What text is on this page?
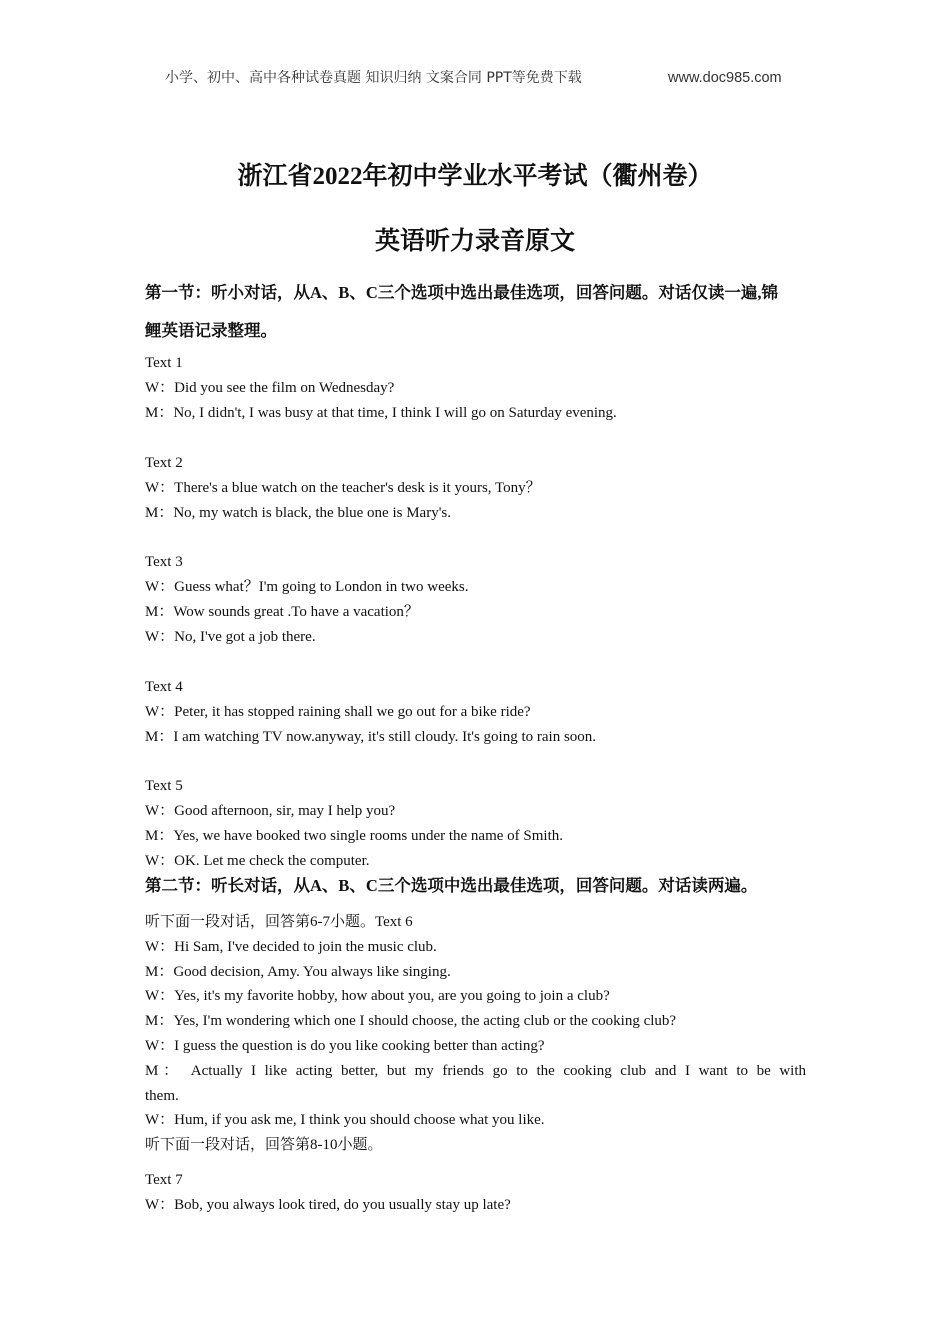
小学、初中、高中各种试卷真题 知识归纳 文案合同 PPT等免费下载	www.doc985.com
浙江省2022年初中学业水平考试（衢州卷）
英语听力录音原文
第一节：听小对话，从A、B、C三个选项中选出最佳选项，回答问题。对话仅读一遍,锦
鲤英语记录整理。
Text 1
W：Did you see the film on Wednesday?
M：No, I didn't, I was busy at that time, I think I will go on Saturday evening.
Text 2
W：There's a blue watch on the teacher's desk is it yours, Tony？
M：No, my watch is black, the blue one is Mary's.
Text 3
W：Guess what？I'm going to London in two weeks.
M：Wow sounds great .To have a vacation？
W：No, I've got a job there.
Text 4
W：Peter, it has stopped raining shall we go out for a bike ride?
M：I am watching TV now.anyway, it's still cloudy. It's going to rain soon.
Text 5
W：Good afternoon, sir, may I help you?
M：Yes, we have booked two single rooms under the name of Smith.
W：OK. Let me check the computer.
第二节：听长对话，从A、B、C三个选项中选出最佳选项，回答问题。对话读两遍。
听下面一段对话，回答第6-7小题。Text 6
W：Hi Sam, I've decided to join the music club.
M：Good decision, Amy. You always like singing.
W：Yes, it's my favorite hobby, how about you, are you going to join a club?
M：Yes, I'm wondering which one I should choose, the acting club or the cooking club?
W：I guess the question is do you like cooking better than acting?
M： Actually I like acting better, but my friends go to the cooking club and I want to be with
them.
W：Hum, if you ask me, I think you should choose what you like.
听下面一段对话，回答第8-10小题。
Text 7
W：Bob, you always look tired, do you usually stay up late?
